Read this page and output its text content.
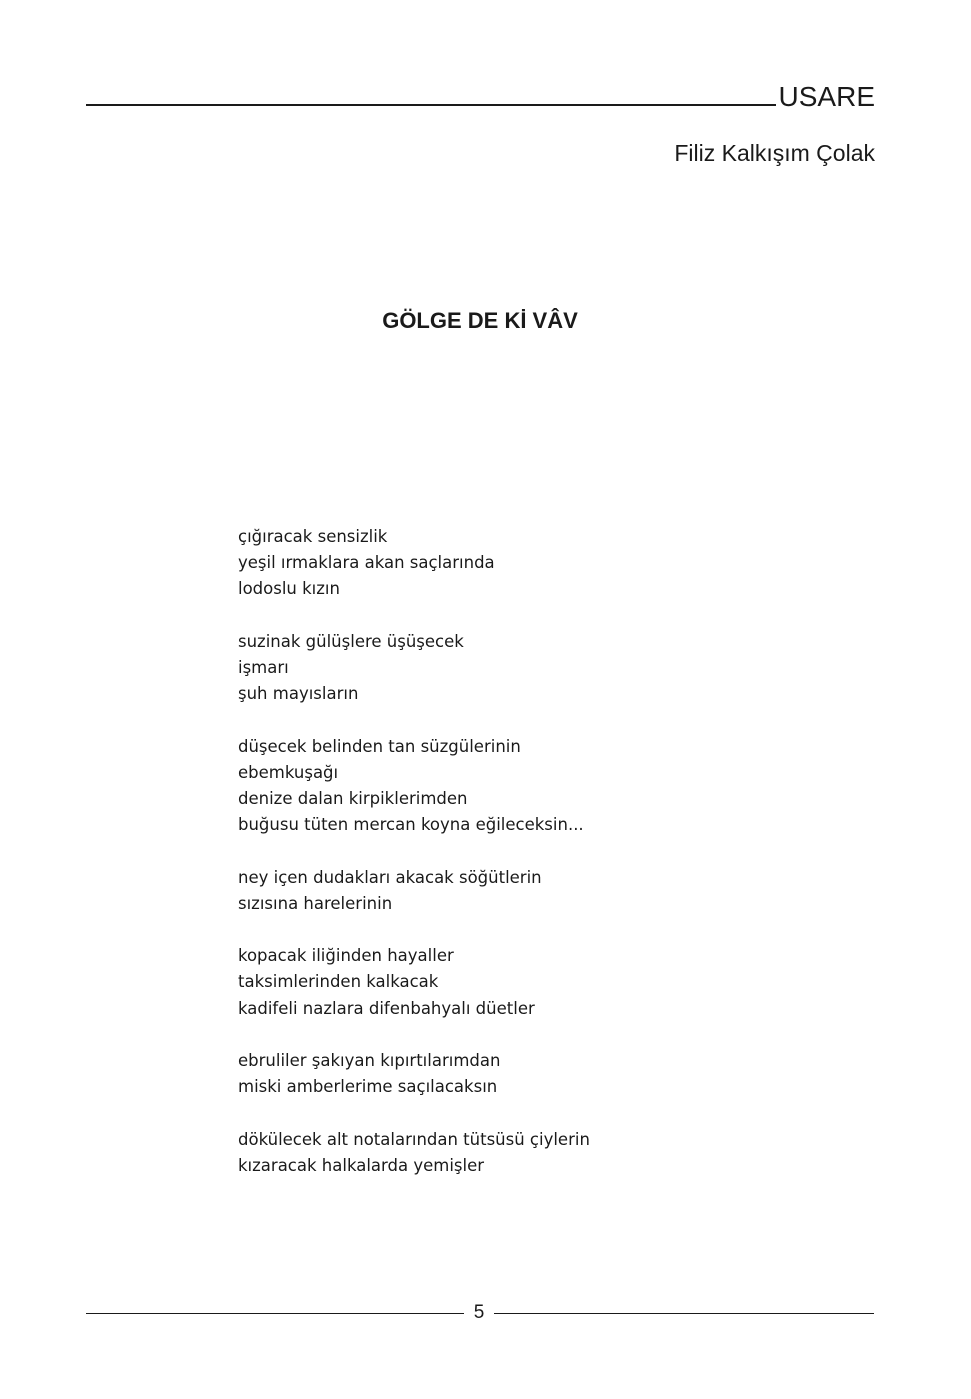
USARE
Filiz Kalkışım Çolak
GÖLGE DE Kİ VÂV
çığıracak sensizlik
yeşil ırmaklara akan saçlarında
lodoslu kızın
suzinak gülüşlere üşüşecek
işmarı
şuh mayısların
düşecek belinden tan süzgülerinin
ebemkuşağı
denize dalan kirpiklerimden
buğusu tüten mercan koyna eğileceksin...
ney içen dudakları akacak söğütlerin
sızısına harelerinin
kopacak iliğinden hayaller
taksimlerinden kalkacak
kadifeli nazlara difenbahyalı düetler
ebruliler şakıyan kıpırtılarımdan
miski amberlerime saçılacaksın
dökülecek alt notalarından tütsüsü çiylerin
kızaracak halkalarda yemişler
5
